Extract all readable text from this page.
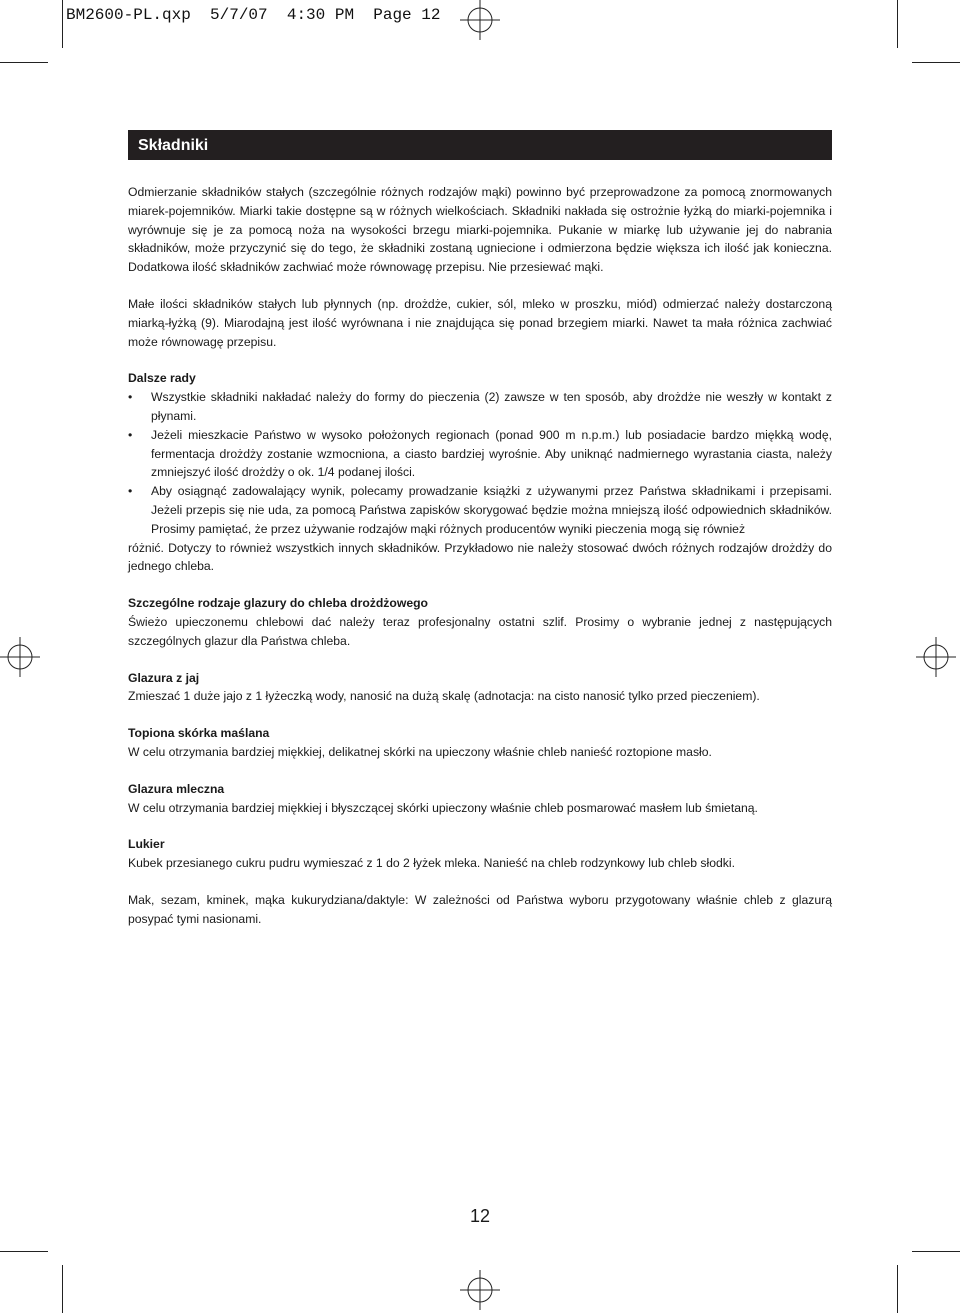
BM2600-PL.qxp  5/7/07  4:30 PM  Page 12
Składniki

Odmierzanie składników stałych (szczególnie różnych rodzajów mąki) powinno być przeprowadzone za pomocą znormowanych miarek-pojemników. Miarki takie dostępne są w różnych wielkościach. Składniki nakłada się ostrożnie łyżką do miarki-pojemnika i wyrównuje się je za pomocą noża na wysokości brzegu miarki-pojemnika. Pukanie w miarkę lub używanie jej do nabrania składników, może przyczynić się do tego, że składniki zostaną ugniecione i odmierzona będzie większa ich ilość jak konieczna. Dodatkowa ilość składników zachwiać może równowagę przepisu. Nie przesiewać mąki.

Małe ilości składników stałych lub płynnych (np. drożdże, cukier, sól, mleko w proszku, miód) odmierzać należy dostarczoną miarką-łyżką (9). Miarodajną jest ilość wyrównana i nie znajdująca się ponad brzegiem miarki. Nawet ta mała różnica zachwiać może równowagę przepisu.

Dalsze rady
• Wszystkie składniki nakładać należy do formy do pieczenia (2) zawsze w ten sposób, aby drożdże nie weszły w kontakt z płynami.
• Jeżeli mieszkacie Państwo w wysoko położonych regionach (ponad 900 m n.p.m.) lub posiadacie bardzo miękką wodę, fermentacja drożdży zostanie wzmocniona, a ciasto bardziej wyrośnie. Aby uniknąć nadmiernego wyrastania ciasta, należy zmniejszyć ilość drożdży o ok. 1/4 podanej ilości.
• Aby osiągnąć zadowalający wynik, polecamy prowadzanie książki z używanymi przez Państwa składnikami i przepisami. Jeżeli przepis się nie uda, za pomocą Państwa zapisków skorygować będzie można mniejszą ilość odpowiednich składników. Prosimy pamiętać, że przez używanie rodzajów mąki różnych producentów wyniki pieczenia mogą się również
różnić. Dotyczy to również wszystkich innych składników. Przykładowo nie należy stosować dwóch różnych rodzajów drożdży do jednego chleba.
Szczególne rodzaje glazury do chleba drożdżowego

Świeżo upieczonemu chlebowi dać należy teraz profesjonalny ostatni szlif. Prosimy o wybranie jednej z następujących szczególnych glazur dla Państwa chleba.

Glazura z jaj

Zmieszać 1 duże jajo z 1 łyżeczką wody, nanosić na dużą skalę (adnotacja: na cisto nanosić tylko przed pieczeniem).

Topiona skórka maślana

W celu otrzymania bardziej miękkiej, delikatnej skórki na upieczony właśnie chleb nanieść roztopione masło.

Glazura mleczna

W celu otrzymania bardziej miękkiej i błyszczącej skórki upieczony właśnie chleb posmarować masłem lub śmietaną.

Lukier

Kubek przesianego cukru pudru wymieszać z 1 do 2 łyżek mleka. Nanieść na chleb rodzynkowy lub chleb słodki.

Mak, sezam, kminek, mąka kukurydziana/daktyle: W zależności od Państwa wyboru przygotowany właśnie chleb z glazurą posypać tymi nasionami.

12
